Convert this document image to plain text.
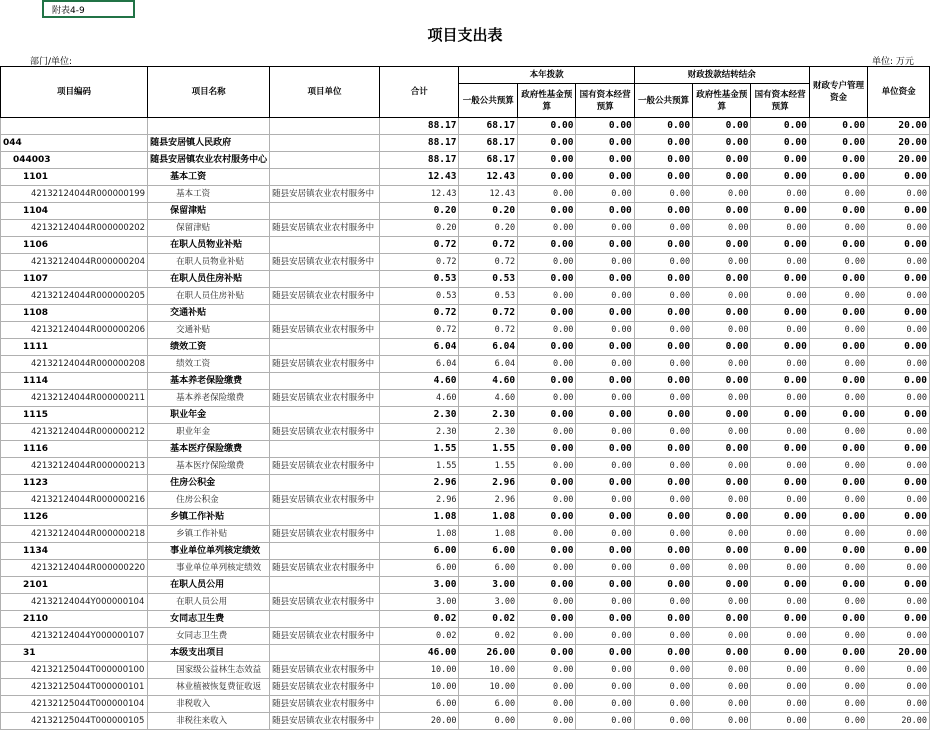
附表4-9
项目支出表
部门/单位:	单位: 万元
项目编码	项目名称	项目单位	合计	本年拨款			财政拨款结转结余			财政专户管理资金	单位资金
				一般公共预算	政府性基金预算	国有资本经营预算	一般公共预算	政府性基金预算	国有资本经营预算		
			88.17	68.17	0.00	0.00	0.00	0.00	0.00	0.00	20.00
044	随县安居镇人民政府		88.17	68.17	0.00	0.00	0.00	0.00	0.00	0.00	20.00
044003	随县安居镇农业农村服务中心		88.17	68.17	0.00	0.00	0.00	0.00	0.00	0.00	20.00
1101	基本工资		12.43	12.43	0.00	0.00	0.00	0.00	0.00	0.00	0.00
42132124044R000000199	基本工资	随县安居镇农业农村服务中	12.43	12.43	0.00	0.00	0.00	0.00	0.00	0.00	0.00
1104	保留津贴		0.20	0.20	0.00	0.00	0.00	0.00	0.00	0.00	0.00
42132124044R000000202	保留津贴	随县安居镇农业农村服务中	0.20	0.20	0.00	0.00	0.00	0.00	0.00	0.00	0.00
1106	在职人员物业补贴		0.72	0.72	0.00	0.00	0.00	0.00	0.00	0.00	0.00
42132124044R000000204	在职人员物业补贴	随县安居镇农业农村服务中	0.72	0.72	0.00	0.00	0.00	0.00	0.00	0.00	0.00
1107	在职人员住房补贴		0.53	0.53	0.00	0.00	0.00	0.00	0.00	0.00	0.00
42132124044R000000205	在职人员住房补贴	随县安居镇农业农村服务中	0.53	0.53	0.00	0.00	0.00	0.00	0.00	0.00	0.00
1108	交通补贴		0.72	0.72	0.00	0.00	0.00	0.00	0.00	0.00	0.00
42132124044R000000206	交通补贴	随县安居镇农业农村服务中	0.72	0.72	0.00	0.00	0.00	0.00	0.00	0.00	0.00
1111	绩效工资		6.04	6.04	0.00	0.00	0.00	0.00	0.00	0.00	0.00
42132124044R000000208	绩效工资	随县安居镇农业农村服务中	6.04	6.04	0.00	0.00	0.00	0.00	0.00	0.00	0.00
1114	基本养老保险缴费		4.60	4.60	0.00	0.00	0.00	0.00	0.00	0.00	0.00
42132124044R000000211	基本养老保险缴费	随县安居镇农业农村服务中	4.60	4.60	0.00	0.00	0.00	0.00	0.00	0.00	0.00
1115	职业年金		2.30	2.30	0.00	0.00	0.00	0.00	0.00	0.00	0.00
42132124044R000000212	职业年金	随县安居镇农业农村服务中	2.30	2.30	0.00	0.00	0.00	0.00	0.00	0.00	0.00
1116	基本医疗保险缴费		1.55	1.55	0.00	0.00	0.00	0.00	0.00	0.00	0.00
42132124044R000000213	基本医疗保险缴费	随县安居镇农业农村服务中	1.55	1.55	0.00	0.00	0.00	0.00	0.00	0.00	0.00
1123	住房公积金		2.96	2.96	0.00	0.00	0.00	0.00	0.00	0.00	0.00
42132124044R000000216	住房公积金	随县安居镇农业农村服务中	2.96	2.96	0.00	0.00	0.00	0.00	0.00	0.00	0.00
1126	乡镇工作补贴		1.08	1.08	0.00	0.00	0.00	0.00	0.00	0.00	0.00
42132124044R000000218	乡镇工作补贴	随县安居镇农业农村服务中	1.08	1.08	0.00	0.00	0.00	0.00	0.00	0.00	0.00
1134	事业单位单列核定绩效		6.00	6.00	0.00	0.00	0.00	0.00	0.00	0.00	0.00
42132124044R000000220	事业单位单列核定绩效	随县安居镇农业农村服务中	6.00	6.00	0.00	0.00	0.00	0.00	0.00	0.00	0.00
2101	在职人员公用		3.00	3.00	0.00	0.00	0.00	0.00	0.00	0.00	0.00
42132124044Y000000104	在职人员公用	随县安居镇农业农村服务中	3.00	3.00	0.00	0.00	0.00	0.00	0.00	0.00	0.00
2110	女同志卫生费		0.02	0.02	0.00	0.00	0.00	0.00	0.00	0.00	0.00
42132124044Y000000107	女同志卫生费	随县安居镇农业农村服务中	0.02	0.02	0.00	0.00	0.00	0.00	0.00	0.00	0.00
31	本级支出项目		46.00	26.00	0.00	0.00	0.00	0.00	0.00	0.00	20.00
42132125044T000000100	国家级公益林生态效益	随县安居镇农业农村服务中	10.00	10.00	0.00	0.00	0.00	0.00	0.00	0.00	0.00
42132125044T000000101	林业植被恢复费征收返	随县安居镇农业农村服务中	10.00	10.00	0.00	0.00	0.00	0.00	0.00	0.00	0.00
42132125044T000000104	非税收入	随县安居镇农业农村服务中	6.00	6.00	0.00	0.00	0.00	0.00	0.00	0.00	0.00
42132125044T000000105	非税往来收入	随县安居镇农业农村服务中	20.00	0.00	0.00	0.00	0.00	0.00	0.00	0.00	20.00
